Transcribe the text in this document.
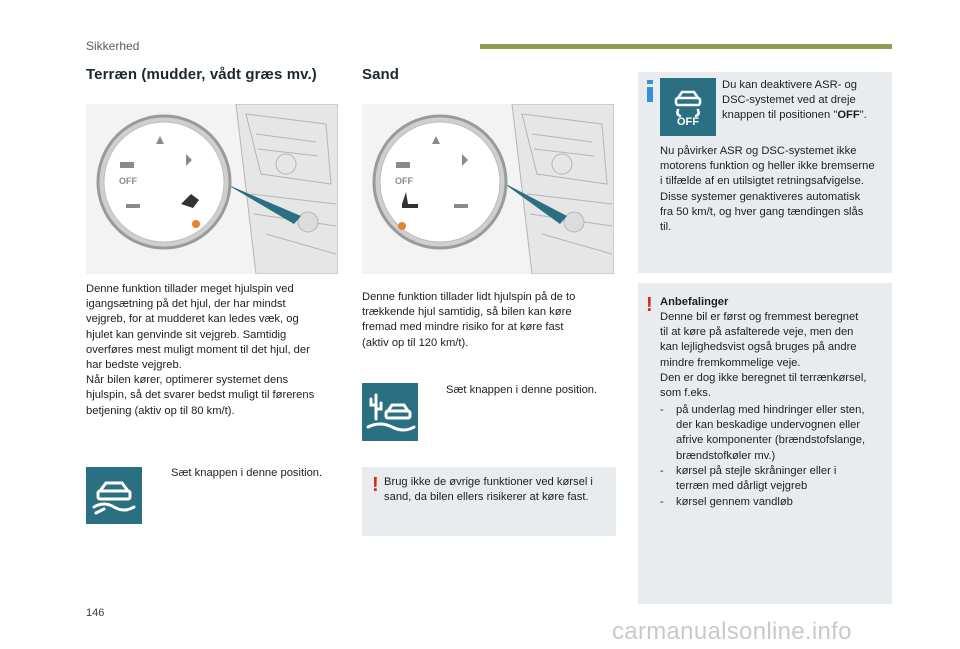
Sikkerhed
Terræn (mudder, vådt græs mv.)
OFF
Denne funktion tillader meget hjulspin ved
igangsætning på det hjul, der har mindst
vejgreb, for at mudderet kan ledes væk, og
hjulet kan genvinde sit vejgreb. Samtidig
overføres mest muligt moment til det hjul, der
har bedste vejgreb.
Når bilen kører, optimerer systemet dens
hjulspin, så det svarer bedst muligt til førerens
betjening (aktiv op til 80 km/t).
Sæt knappen i denne position.
Sand
OFF
Denne funktion tillader lidt hjulspin på de to
trækkende hjul samtidig, så bilen kan køre
fremad med mindre risiko for at køre fast
(aktiv op til 120 km/t).
Sæt knappen i denne position.
! Brug ikke de øvrige funktioner ved kørsel i
sand, da bilen ellers risikerer at køre fast.
OFF
Du kan deaktivere ASR- og
DSC-systemet ved at dreje
knappen til positionen "OFF".
Nu påvirker ASR og DSC-systemet ikke
motorens funktion og heller ikke bremserne
i tilfælde af en utilsigtet retningsafvigelse.
Disse systemer genaktiveres automatisk
fra 50 km/t, og hver gang tændingen slås
til.
! Anbefalinger
Denne bil er først og fremmest beregnet
til at køre på asfalterede veje, men den
kan lejlighedsvist også bruges på andre
mindre fremkommelige veje.
Den er dog ikke beregnet til terrænkørsel,
som f.eks.
-	på underlag med hindringer eller sten,
der kan beskadige undervognen eller
afrive komponenter (brændstofslange,
brændstofkøler mv.)
-	kørsel på stejle skråninger eller i
terræn med dårligt vejgreb
-	kørsel gennem vandløb
146
carmanualsonline.info
